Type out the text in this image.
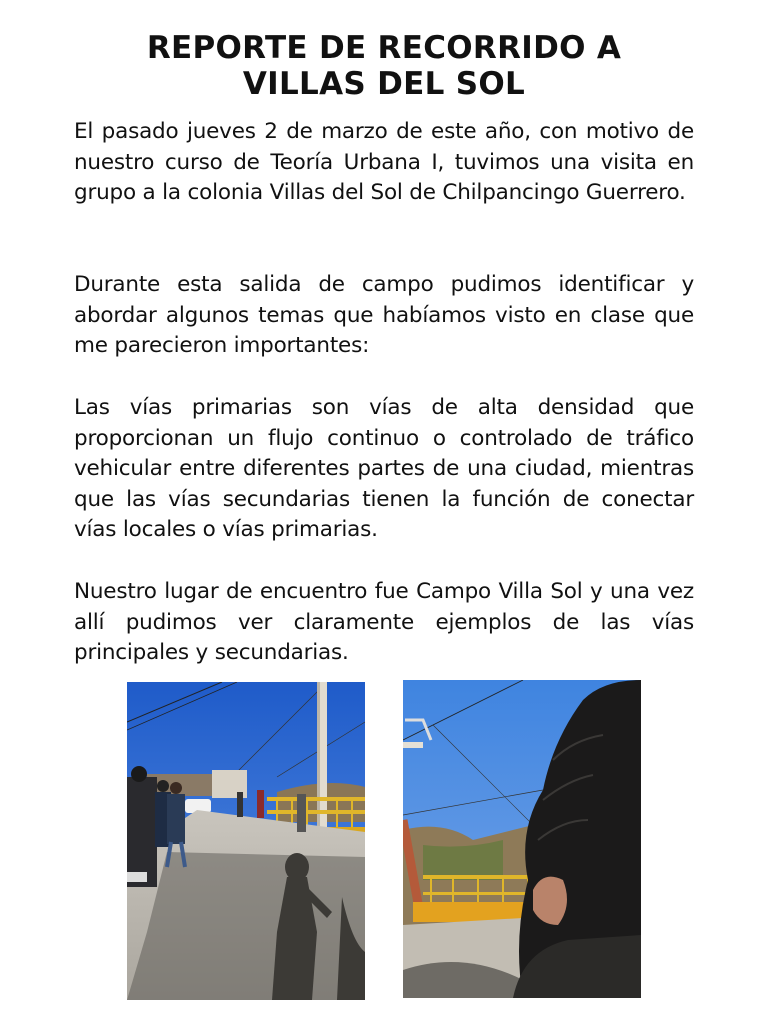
REPORTE DE RECORRIDO A
VILLAS DEL SOL

El pasado jueves 2 de marzo de este año, con motivo de nuestro curso de Teoría Urbana I, tuvimos una visita en grupo a la colonia Villas del Sol de Chilpancingo Guerrero.

Durante esta salida de campo pudimos identificar y abordar algunos temas que habíamos visto en clase que me parecieron importantes:

Las vías primarias son vías de alta densidad que proporcionan un flujo continuo o controlado de tráfico vehicular entre diferentes partes de una ciudad, mientras que las vías secundarias tienen la función de conectar vías locales o vías primarias.

Nuestro lugar de encuentro fue Campo Villa Sol y una vez allí pudimos ver claramente ejemplos de las vías principales y secundarias.
